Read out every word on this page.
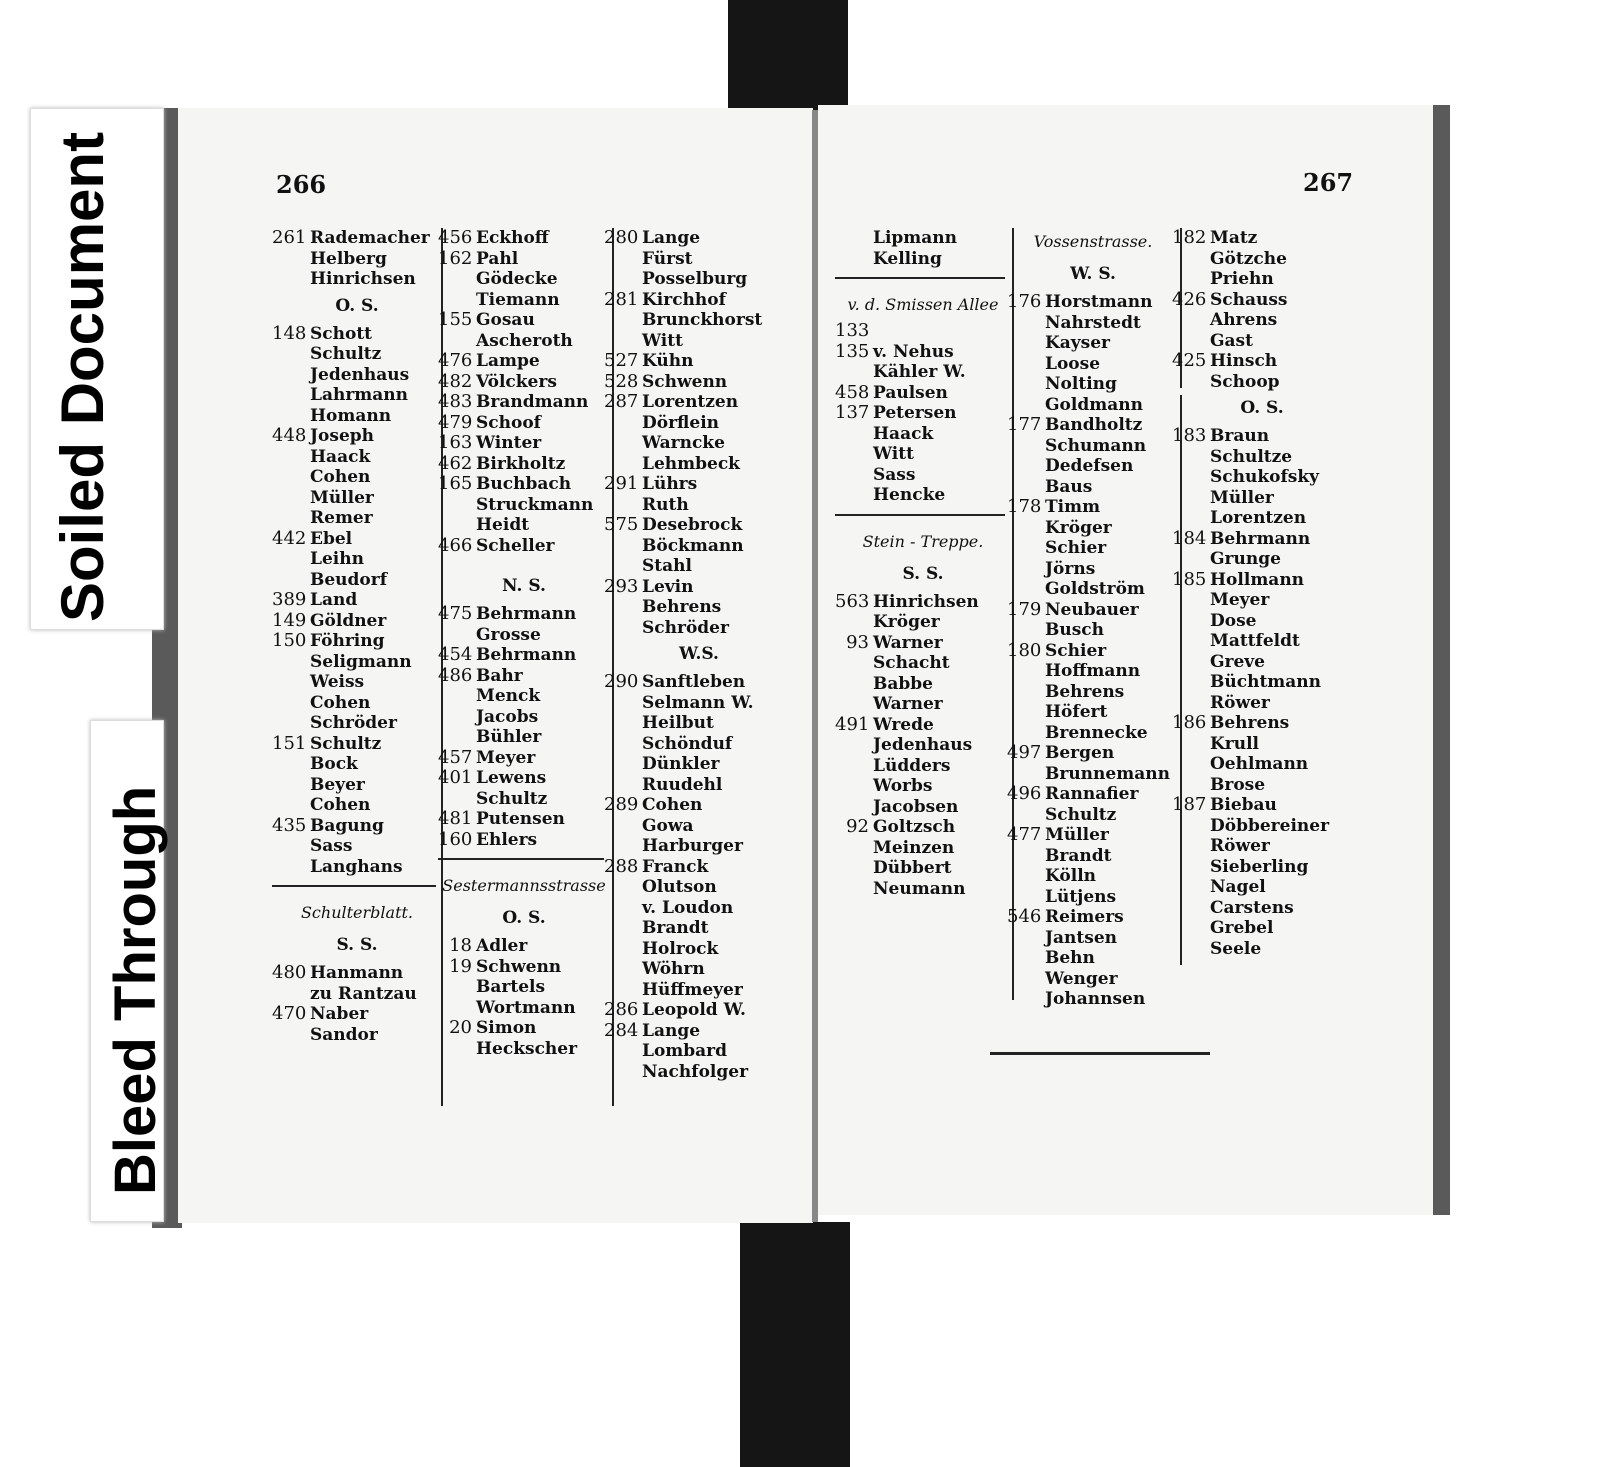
Soiled Document
Bleed Through
266	267
261 Rademacher
Helberg
Hinrichsen
O. S.
148 Schott
Schultz
Jedenhaus
Lahrmann
Homann
448 Joseph
Haack
Cohen
Müller
Remer
442 Ebel
Leihn
Beudorf
389 Land
149 Göldner
150 Föhring
Seligmann
Weiss
Cohen
Schröder
151 Schultz
Bock
Beyer
Cohen
435 Bagung
Sass
Langhans
Schulterblatt.
S. S.
480 Hanmann
zu Rantzau
470 Naber
Sandor
456 Eckhoff
162 Pahl
Gödecke
Tiemann
155 Gosau
Ascheroth
476 Lampe
482 Völckers
483 Brandmann
479 Schoof
163 Winter
462 Birkholtz
165 Buchbach
Struckmann
Heidt
466 Scheller
N. S.
475 Behrmann
Grosse
454 Behrmann
486 Bahr
Menck
Jacobs
Bühler
457 Meyer
401 Lewens
Schultz
481 Putensen
160 Ehlers
Sestermannsstrasse
O. S.
18 Adler
19 Schwenn
Bartels
Wortmann
20 Simon
Heckscher
280 Lange
Fürst
Posselburg
281 Kirchhof
Brunckhorst
Witt
527 Kühn
528 Schwenn
287 Lorentzen
Dörflein
Warncke
Lehmbeck
291 Lührs
Ruth
575 Desebrock
Böckmann
Stahl
293 Levin
Behrens
Schröder
W.S.
290 Sanftleben
Selmann W.
Heilbut
Schönduf
Dünkler
Ruudehl
289 Cohen
Gowa
Harburger
288 Franck
Olutson
v. Loudon
Brandt
Holrock
Wöhrn
Hüffmeyer
286 Leopold W.
284 Lange
Lombard
Nachfolger
Lipmann
Kelling
v. d. Smissen Allee
133
135 v. Nehus
Kähler W.
458 Paulsen
137 Petersen
Haack
Witt
Sass
Hencke
Stein - Treppe.
S. S.
563 Hinrichsen
Kröger
93 Warner
Schacht
Babbe
Warner
491 Wrede
Jedenhaus
Lüdders
Worbs
Jacobsen
92 Goltzsch
Meinzen
Dübbert
Neumann
Vossenstrasse.
W. S.
176 Horstmann
Nahrstedt
Kayser
Loose
Nolting
Goldmann
177 Bandholtz
Schumann
Dedefsen
Baus
178 Timm
Kröger
Schier
Jörns
Goldström
179 Neubauer
Busch
180 Schier
Hoffmann
Behrens
Höfert
Brennecke
497 Bergen
Brunnemann
496 Rannafier
Schultz
477 Müller
Brandt
Kölln
Lütjens
546 Reimers
Jantsen
Behn
Wenger
Johannsen
182 Matz
Götzche
Priehn
426 Schauss
Ahrens
Gast
425 Hinsch
Schoop
O. S.
183 Braun
Schultze
Schukofsky
Müller
Lorentzen
184 Behrmann
Grunge
185 Hollmann
Meyer
Dose
Mattfeldt
Greve
Büchtmann
Röwer
186 Behrens
Krull
Oehlmann
Brose
187 Biebau
Döbbereiner
Röwer
Sieberling
Nagel
Carstens
Grebel
Seele
